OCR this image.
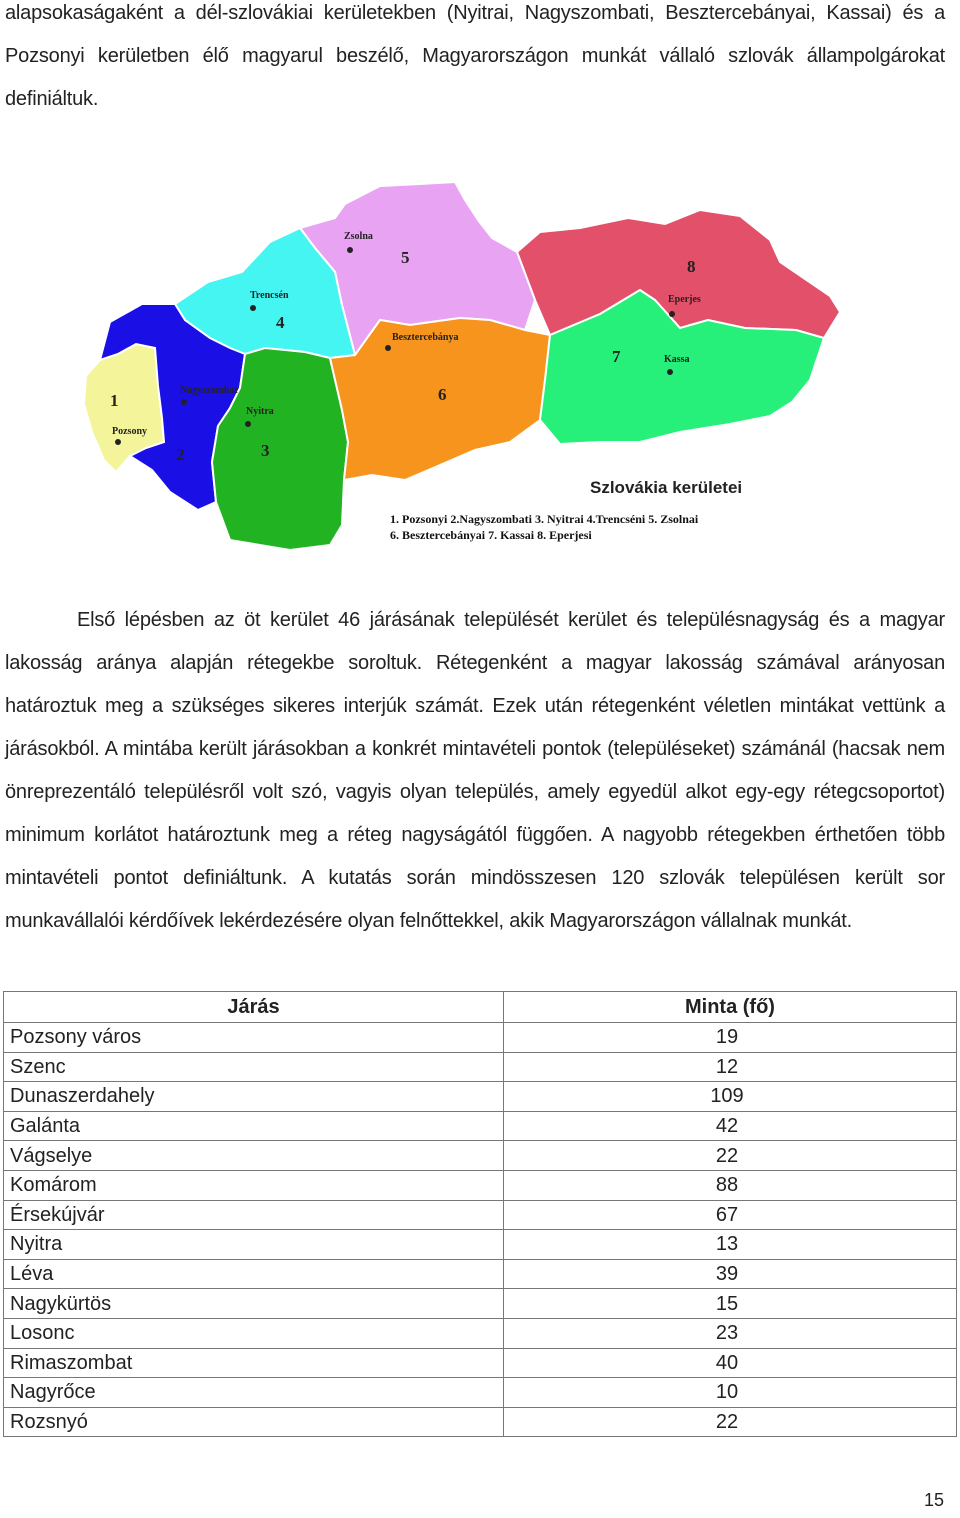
alapsokaságaként a dél-szlovákiai kerületekben (Nyitrai, Nagyszombati, Besztercebányai, Kassai) és a Pozsonyi kerületben élő magyarul beszélő, Magyarországon munkát vállaló szlovák állampolgárokat definiáltuk.

Zsolna
Trencsén	Eperjes
Besztercebánya
Kassa
Nagyszombat
Nyitra
Pozsony
5
4
8
7
6
1
2	3
Szlovákia kerületei
1. Pozsonyi 2.Nagyszombati 3. Nyitrai 4.Trencséni 5. Zsolnai
6. Besztercebányai 7. Kassai 8. Eperjesi

Első lépésben az öt kerület 46 járásának települését kerület és településnagyság és a magyar lakosság aránya alapján rétegekbe soroltuk. Rétegenként a magyar lakosság számával arányosan határoztuk meg a szükséges sikeres interjúk számát. Ezek után rétegenként véletlen mintákat vettünk a járásokból. A mintába került járásokban a konkrét mintavételi pontok (településeket) számánál (hacsak nem önreprezentáló településről volt szó, vagyis olyan település, amely egyedül alkot egy-egy rétegcsoportot) minimum korlátot határoztunk meg a réteg nagyságától függően. A nagyobb rétegekben érthetően több mintavételi pontot definiáltunk. A kutatás során mindösszesen 120 szlovák településen került sor munkavállalói kérdőívek lekérdezésére olyan felnőttekkel, akik Magyarországon vállalnak munkát.

Járás	Minta (fő)
Pozsony város	19
Szenc	12
Dunaszerdahely	109
Galánta	42
Vágselye	22
Komárom	88
Érsekújvár	67
Nyitra	13
Léva	39
Nagykürtös	15
Losonc	23
Rimaszombat	40
Nagyrőce	10
Rozsnyó	22
15
